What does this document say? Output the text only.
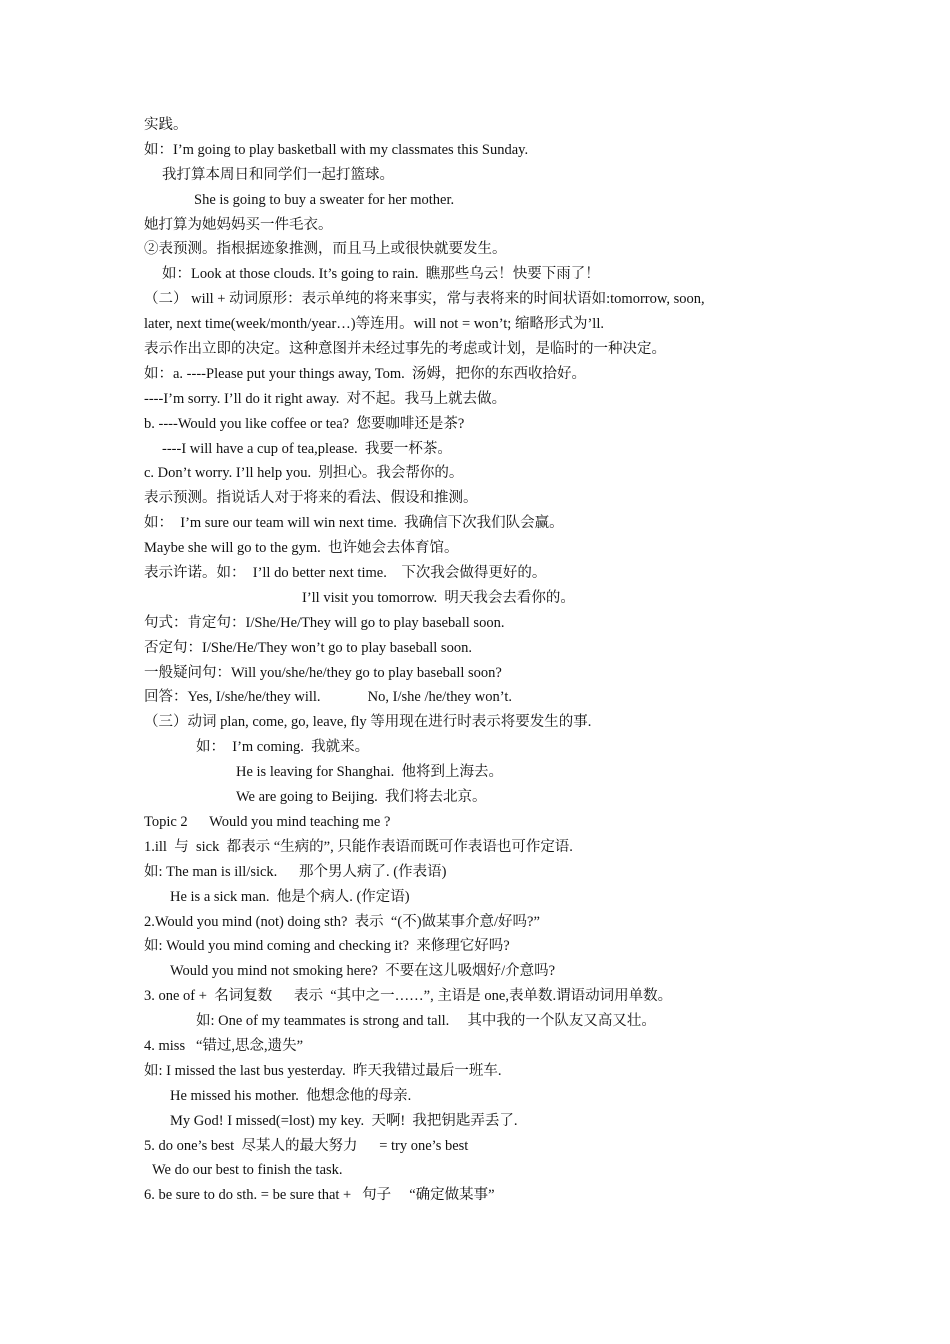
实践。
如：I’m going to play basketball with my classmates this Sunday.
我打算本周日和同学们一起打篮球。
She is going to buy a sweater for her mother.
她打算为她妈妈买一件毛衣。
②表预测。指根据迹象推测，而且马上或很快就要发生。
如：Look at those clouds. It’s going to rain.  瞧那些乌云！快要下雨了！
（二） will + 动词原形：表示单纯的将来事实，常与表将来的时间状语如:tomorrow, soon,
later, next time(week/month/year…)等连用。will not = won’t; 缩略形式为’ll.
表示作出立即的决定。这种意图并未经过事先的考虑或计划，是临时的一种决定。
如：a. ----Please put your things away, Tom.  汤姆，把你的东西收拾好。
----I’m sorry. I’ll do it right away.  对不起。我马上就去做。
b. ----Would you like coffee or tea?  您要咖啡还是茶?
----I will have a cup of tea,please.  我要一杯茶。
c. Don’t worry. I’ll help you.  别担心。我会帮你的。
表示预测。指说话人对于将来的看法、假设和推测。
如：  I’m sure our team will win next time.  我确信下次我们队会赢。
Maybe she will go to the gym.  也许她会去体育馆。
表示许诺。如：  I’ll do better next time.    下次我会做得更好的。
I’ll visit you tomorrow.  明天我会去看你的。
句式：肯定句：I/She/He/They will go to play baseball soon.
否定句：I/She/He/They won’t go to play baseball soon.
一般疑问句：Will you/she/he/they go to play baseball soon?
回答：Yes, I/she/he/they will.             No, I/she /he/they won’t.
（三）动词 plan, come, go, leave, fly 等用现在进行时表示将要发生的事.
如：  I’m coming.  我就来。
He is leaving for Shanghai.  他将到上海去。
We are going to Beijing.  我们将去北京。
Topic 2      Would you mind teaching me ?
1.ill  与  sick  都表示 “生病的”, 只能作表语而既可作表语也可作定语.
如: The man is ill/sick.      那个男人病了. (作表语)
He is a sick man.  他是个病人. (作定语)
2.Would you mind (not) doing sth?  表示  “(不)做某事介意/好吗?”
如: Would you mind coming and checking it?  来修理它好吗?
Would you mind not smoking here?  不要在这儿吸烟好/介意吗?
3. one of +  名词复数      表示  “其中之一……”, 主语是 one,表单数.谓语动词用单数。
如: One of my teammates is strong and tall.     其中我的一个队友又高又壮。
4. miss   “错过,思念,遗失”
如: I missed the last bus yesterday.  昨天我错过最后一班车.
He missed his mother.  他想念他的母亲.
My God! I missed(=lost) my key.  天啊!  我把钥匙弄丢了.
5. do one’s best  尽某人的最大努力      = try one’s best
We do our best to finish the task.
6. be sure to do sth. = be sure that +   句子     “确定做某事”
